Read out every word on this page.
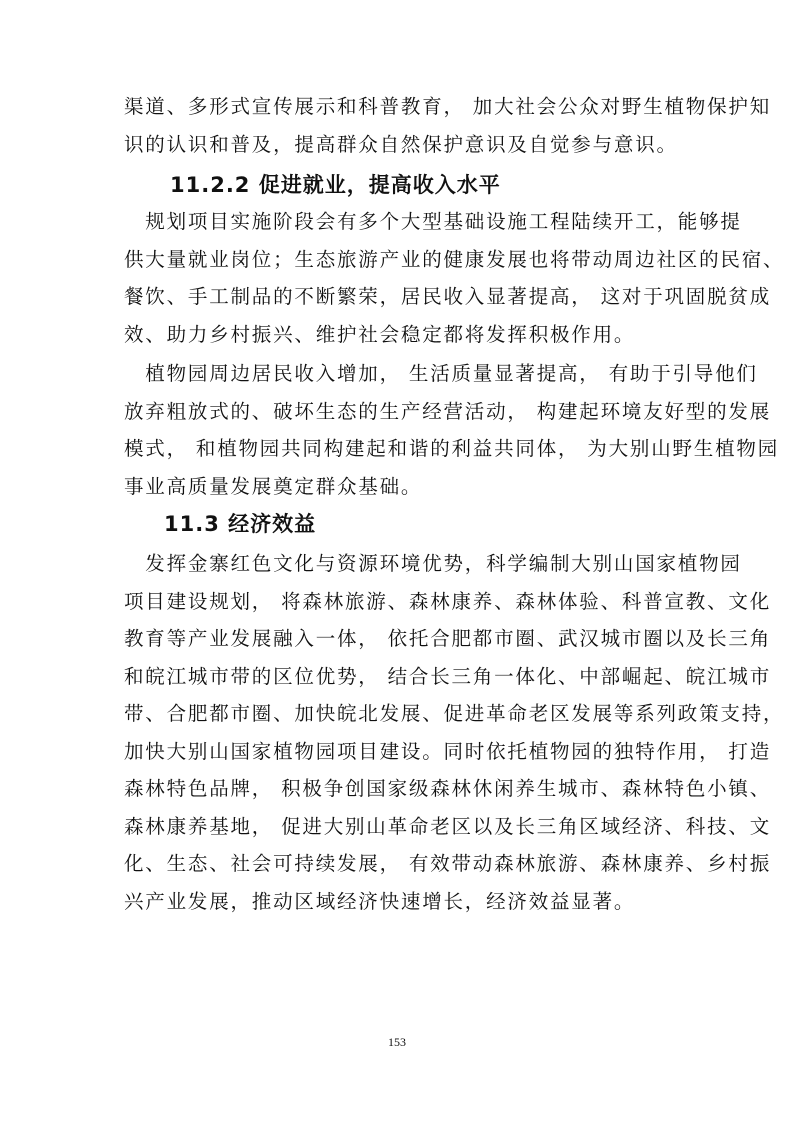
渠道、多形式宣传展示和科普教育， 加大社会公众对野生植物保护知
识的认识和普及，提高群众自然保护意识及自觉参与意识。

11.2.2 促进就业，提高收入水平

　规划项目实施阶段会有多个大型基础设施工程陆续开工，能够提
供大量就业岗位；生态旅游产业的健康发展也将带动周边社区的民宿、
餐饮、手工制品的不断繁荣，居民收入显著提高， 这对于巩固脱贫成
效、助力乡村振兴、维护社会稳定都将发挥积极作用。

　植物园周边居民收入增加， 生活质量显著提高， 有助于引导他们
放弃粗放式的、破坏生态的生产经营活动， 构建起环境友好型的发展
模式， 和植物园共同构建起和谐的利益共同体， 为大别山野生植物园
事业高质量发展奠定群众基础。

11.3 经济效益

　发挥金寨红色文化与资源环境优势，科学编制大别山国家植物园
项目建设规划， 将森林旅游、森林康养、森林体验、科普宣教、文化
教育等产业发展融入一体， 依托合肥都市圈、武汉城市圈以及长三角
和皖江城市带的区位优势， 结合长三角一体化、中部崛起、皖江城市
带、合肥都市圈、加快皖北发展、促进革命老区发展等系列政策支持，
加快大别山国家植物园项目建设。同时依托植物园的独特作用， 打造
森林特色品牌， 积极争创国家级森林休闲养生城市、森林特色小镇、
森林康养基地， 促进大别山革命老区以及长三角区域经济、科技、文
化、生态、社会可持续发展， 有效带动森林旅游、森林康养、乡村振
兴产业发展，推动区域经济快速增长，经济效益显著。

153
